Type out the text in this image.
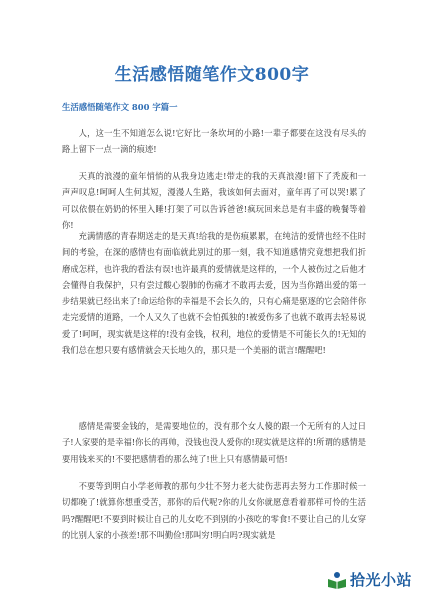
生活感悟随笔作文800字
生活感悟随笔作文 800 字篇一

人，这一生不知道怎么说!它好比一条坎坷的小路!一辈子都要在这没有尽头的路上留下一点一滴的痕迹!

天真的浪漫的童年悄悄的从我身边逃走!带走的我的天真浪漫!留下了秃废和一声声叹息!呵呵人生何其短，漫漫人生路，我该如何去面对，童年再了可以哭!累了可以依偎在奶奶的怀里入睡!打架了可以告诉爸爸!疯玩回来总是有丰盛的晚餐等着你!

充满情感的青春期送走的是天真!给我的是伤痕累累，在纯洁的爱情也经不住时间的考验，在深的感情也有面临就此别过的那一刻，我不知道感情究竟想把我们折磨成怎样，也许我的看法有误!也许最真的爱情就是这样的，一个人被伤过之后他才会懂得自我保护，只有尝过酸心裂肺的伤痛才不敢再去爱，因为当你踏出爱的第一步结果就已经出来了!命运给你的幸福是不会长久的，只有心痛是驱逐的它会陪伴你走完爱情的道路，一个人又久了也就不会怕孤独的!被爱伤多了也就不敢再去轻易说爱了!呵呵，现实就是这样的!没有金钱，权利，地位的爱情是不可能长久的!无知的我们总在想只要有感情就会天长地久的，那只是一个美丽的谎言!醒醒吧!

感情是需要金钱的，是需要地位的，没有那个女人傻的跟一个无所有的人过日子!人家要的是幸福!你长的再帅，没钱也没人爱你的!现实就是这样的!所谓的感情是要用钱来买的!不要把感情看的那么纯了!世上只有感情最可悟!

不要等到明白小学老师教的那句少壮不努力老大徒伤悲再去努力工作那时候一切都晚了!就算你想重受苦，那你的后代呢?你的儿女你就愿意看着那样可怜的生活吗?醒醒吧!不要到时候让自己的儿女吃不到别的小孩吃的零食!不要让自己的儿女穿的比别人家的小孩差!那不叫勤俭!那叫穷!明白吗?现实就是

拾光小站
